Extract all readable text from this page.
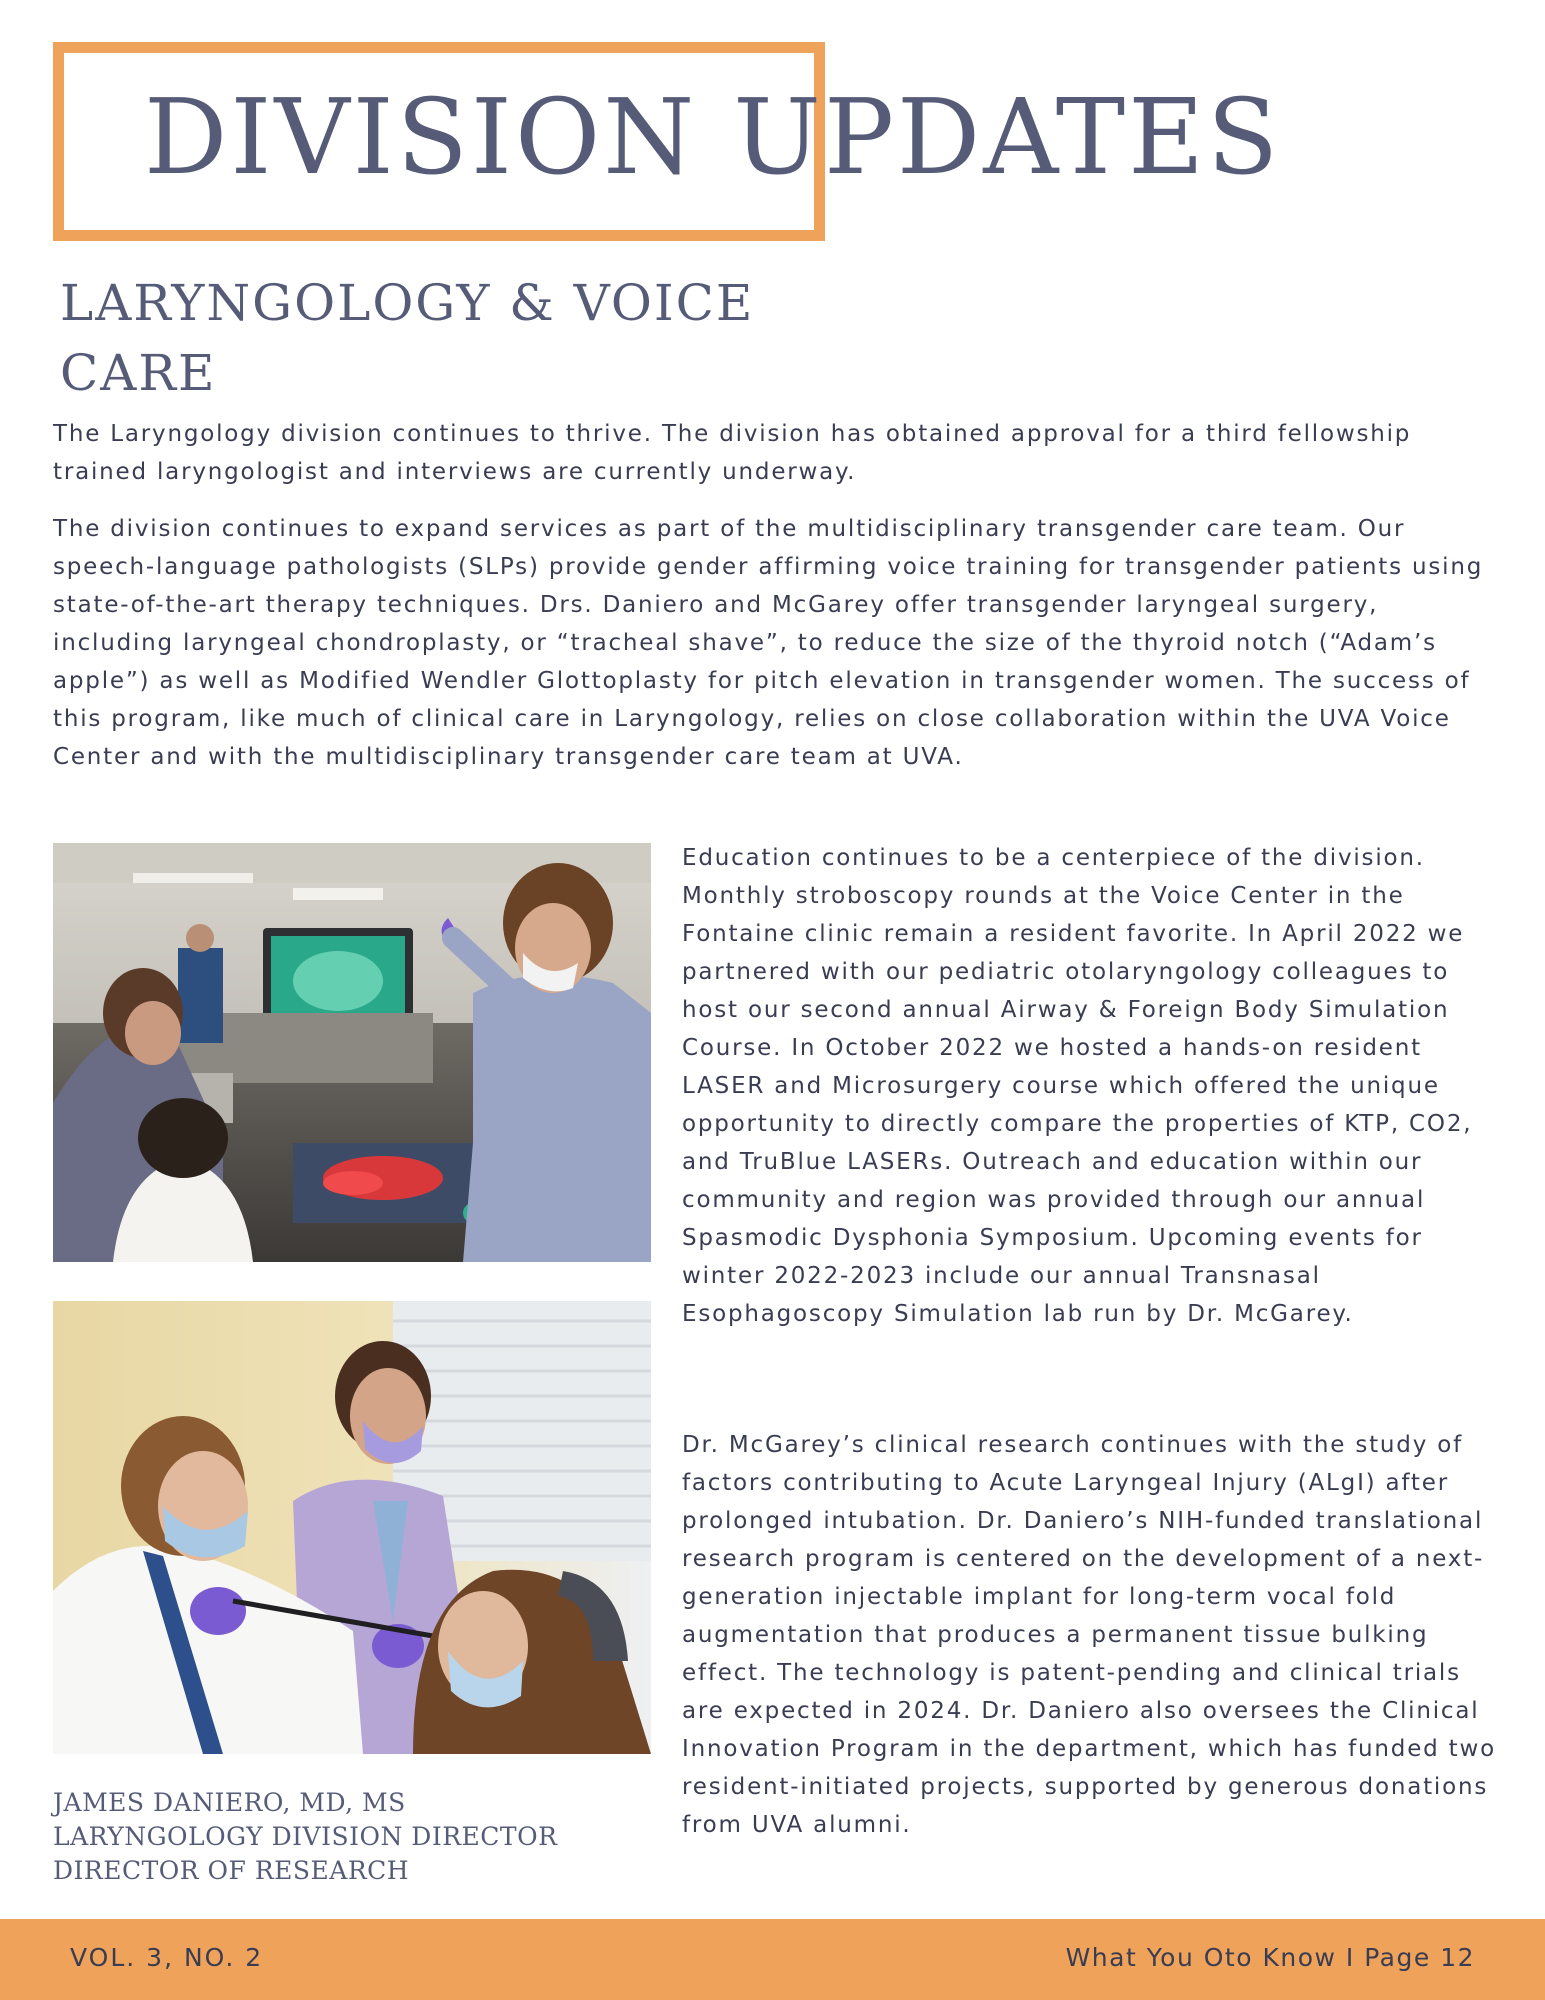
DIVISION UPDATES
LARYNGOLOGY & VOICE CARE

The Laryngology division continues to thrive. The division has obtained approval for a third fellowship trained laryngologist and interviews are currently underway.

The division continues to expand services as part of the multidisciplinary transgender care team. Our speech-language pathologists (SLPs) provide gender affirming voice training for transgender patients using state-of-the-art therapy techniques. Drs. Daniero and McGarey offer transgender laryngeal surgery, including laryngeal chondroplasty, or “tracheal shave”, to reduce the size of the thyroid notch (“Adam’s apple”) as well as Modified Wendler Glottoplasty for pitch elevation in transgender women. The success of this program, like much of clinical care in Laryngology, relies on close collaboration within the UVA Voice Center and with the multidisciplinary transgender care team at UVA.

Education continues to be a centerpiece of the division. Monthly stroboscopy rounds at the Voice Center in the Fontaine clinic remain a resident favorite. In April 2022 we partnered with our pediatric otolaryngology colleagues to host our second annual Airway & Foreign Body Simulation Course. In October 2022 we hosted a hands-on resident LASER and Microsurgery course which offered the unique opportunity to directly compare the properties of KTP, CO2, and TruBlue LASERs. Outreach and education within our community and region was provided through our annual Spasmodic Dysphonia Symposium. Upcoming events for winter 2022-2023 include our annual Transnasal Esophagoscopy Simulation lab run by Dr. McGarey.

Dr. McGarey’s clinical research continues with the study of factors contributing to Acute Laryngeal Injury (ALgI) after prolonged intubation. Dr. Daniero’s NIH-funded translational research program is centered on the development of a next-generation injectable implant for long-term vocal fold augmentation that produces a permanent tissue bulking effect. The technology is patent-pending and clinical trials are expected in 2024. Dr. Daniero also oversees the Clinical Innovation Program in the department, which has funded two resident-initiated projects, supported by generous donations from UVA alumni.

JAMES DANIERO, MD, MS
LARYNGOLOGY DIVISION DIRECTOR
DIRECTOR OF RESEARCH
VOL. 3, NO. 2	What You Oto Know I Page 12
